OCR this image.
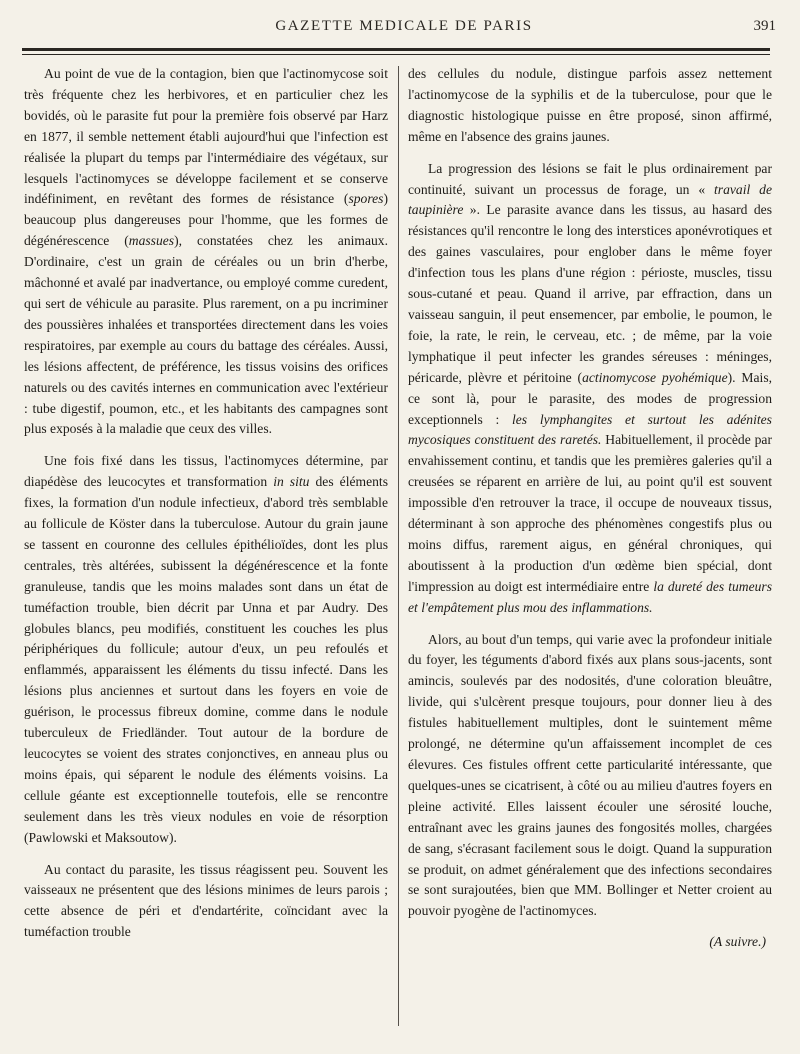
GAZETTE MEDICALE DE PARIS	391

Au point de vue de la contagion, bien que l'actinomycose soit très fréquente chez les herbivores, et en particulier chez les bovidés, où le parasite fut pour la première fois observé par Harz en 1877, il semble nettement établi aujourd'hui que l'infection est réalisée la plupart du temps par l'intermédiaire des végétaux, sur lesquels l'actinomyces se développe facilement et se conserve indéfiniment, en revêtant des formes de résistance (spores) beaucoup plus dangereuses pour l'homme, que les formes de dégénérescence (massues), constatées chez les animaux. D'ordinaire, c'est un grain de céréales ou un brin d'herbe, mâchonné et avalé par inadvertance, ou employé comme curedent, qui sert de véhicule au parasite. Plus rarement, on a pu incriminer des poussières inhalées et transportées directement dans les voies respiratoires, par exemple au cours du battage des céréales. Aussi, les lésions affectent, de préférence, les tissus voisins des orifices naturels ou des cavités internes en communication avec l'extérieur : tube digestif, poumon, etc., et les habitants des campagnes sont plus exposés à la maladie que ceux des villes.

Une fois fixé dans les tissus, l'actinomyces détermine, par diapédèse des leucocytes et transformation in situ des éléments fixes, la formation d'un nodule infectieux, d'abord très semblable au follicule de Köster dans la tuberculose. Autour du grain jaune se tassent en couronne des cellules épithélioïdes, dont les plus centrales, très altérées, subissent la dégénérescence et la fonte granuleuse, tandis que les moins malades sont dans un état de tuméfaction trouble, bien décrit par Unna et par Audry. Des globules blancs, peu modifiés, constituent les couches les plus périphériques du follicule; autour d'eux, un peu refoulés et enflammés, apparaissent les éléments du tissu infecté. Dans les lésions plus anciennes et surtout dans les foyers en voie de guérison, le processus fibreux domine, comme dans le nodule tuberculeux de Friedländer. Tout autour de la bordure de leucocytes se voient des strates conjonctives, en anneau plus ou moins épais, qui séparent le nodule des éléments voisins. La cellule géante est exceptionnelle toutefois, elle se rencontre seulement dans les très vieux nodules en voie de résorption (Pawlowski et Maksoutow).

Au contact du parasite, les tissus réagissent peu. Souvent les vaisseaux ne présentent que des lésions minimes de leurs parois ; cette absence de péri et d'endartérite, coïncidant avec la tuméfaction trouble

des cellules du nodule, distingue parfois assez nettement l'actinomycose de la syphilis et de la tuberculose, pour que le diagnostic histologique puisse en être proposé, sinon affirmé, même en l'absence des grains jaunes.

La progression des lésions se fait le plus ordinairement par continuité, suivant un processus de forage, un « travail de taupinière ». Le parasite avance dans les tissus, au hasard des résistances qu'il rencontre le long des interstices aponévrotiques et des gaines vasculaires, pour englober dans le même foyer d'infection tous les plans d'une région : périoste, muscles, tissu sous-cutané et peau. Quand il arrive, par effraction, dans un vaisseau sanguin, il peut ensemencer, par embolie, le poumon, le foie, la rate, le rein, le cerveau, etc. ; de même, par la voie lymphatique il peut infecter les grandes séreuses : méninges, péricarde, plèvre et péritoine (actinomycose pyohémique). Mais, ce sont là, pour le parasite, des modes de progression exceptionnels : les lymphangites et surtout les adénites mycosiques constituent des raretés. Habituellement, il procède par envahissement continu, et tandis que les premières galeries qu'il a creusées se réparent en arrière de lui, au point qu'il est souvent impossible d'en retrouver la trace, il occupe de nouveaux tissus, déterminant à son approche des phénomènes congestifs plus ou moins diffus, rarement aigus, en général chroniques, qui aboutissent à la production d'un œdème bien spécial, dont l'impression au doigt est intermédiaire entre la dureté des tumeurs et l'empâtement plus mou des inflammations.

Alors, au bout d'un temps, qui varie avec la profondeur initiale du foyer, les téguments d'abord fixés aux plans sous-jacents, sont amincis, soulevés par des nodosités, d'une coloration bleuâtre, livide, qui s'ulcèrent presque toujours, pour donner lieu à des fistules habituellement multiples, dont le suintement même prolongé, ne détermine qu'un affaissement incomplet de ces élevures. Ces fistules offrent cette particularité intéressante, que quelques-unes se cicatrisent, à côté ou au milieu d'autres foyers en pleine activité. Elles laissent écouler une sérosité louche, entraînant avec les grains jaunes des fongosités molles, chargées de sang, s'écrasant facilement sous le doigt. Quand la suppuration se produit, on admet généralement que des infections secondaires se sont surajoutées, bien que MM. Bollinger et Netter croient au pouvoir pyogène de l'actinomyces.

(A suivre.)
